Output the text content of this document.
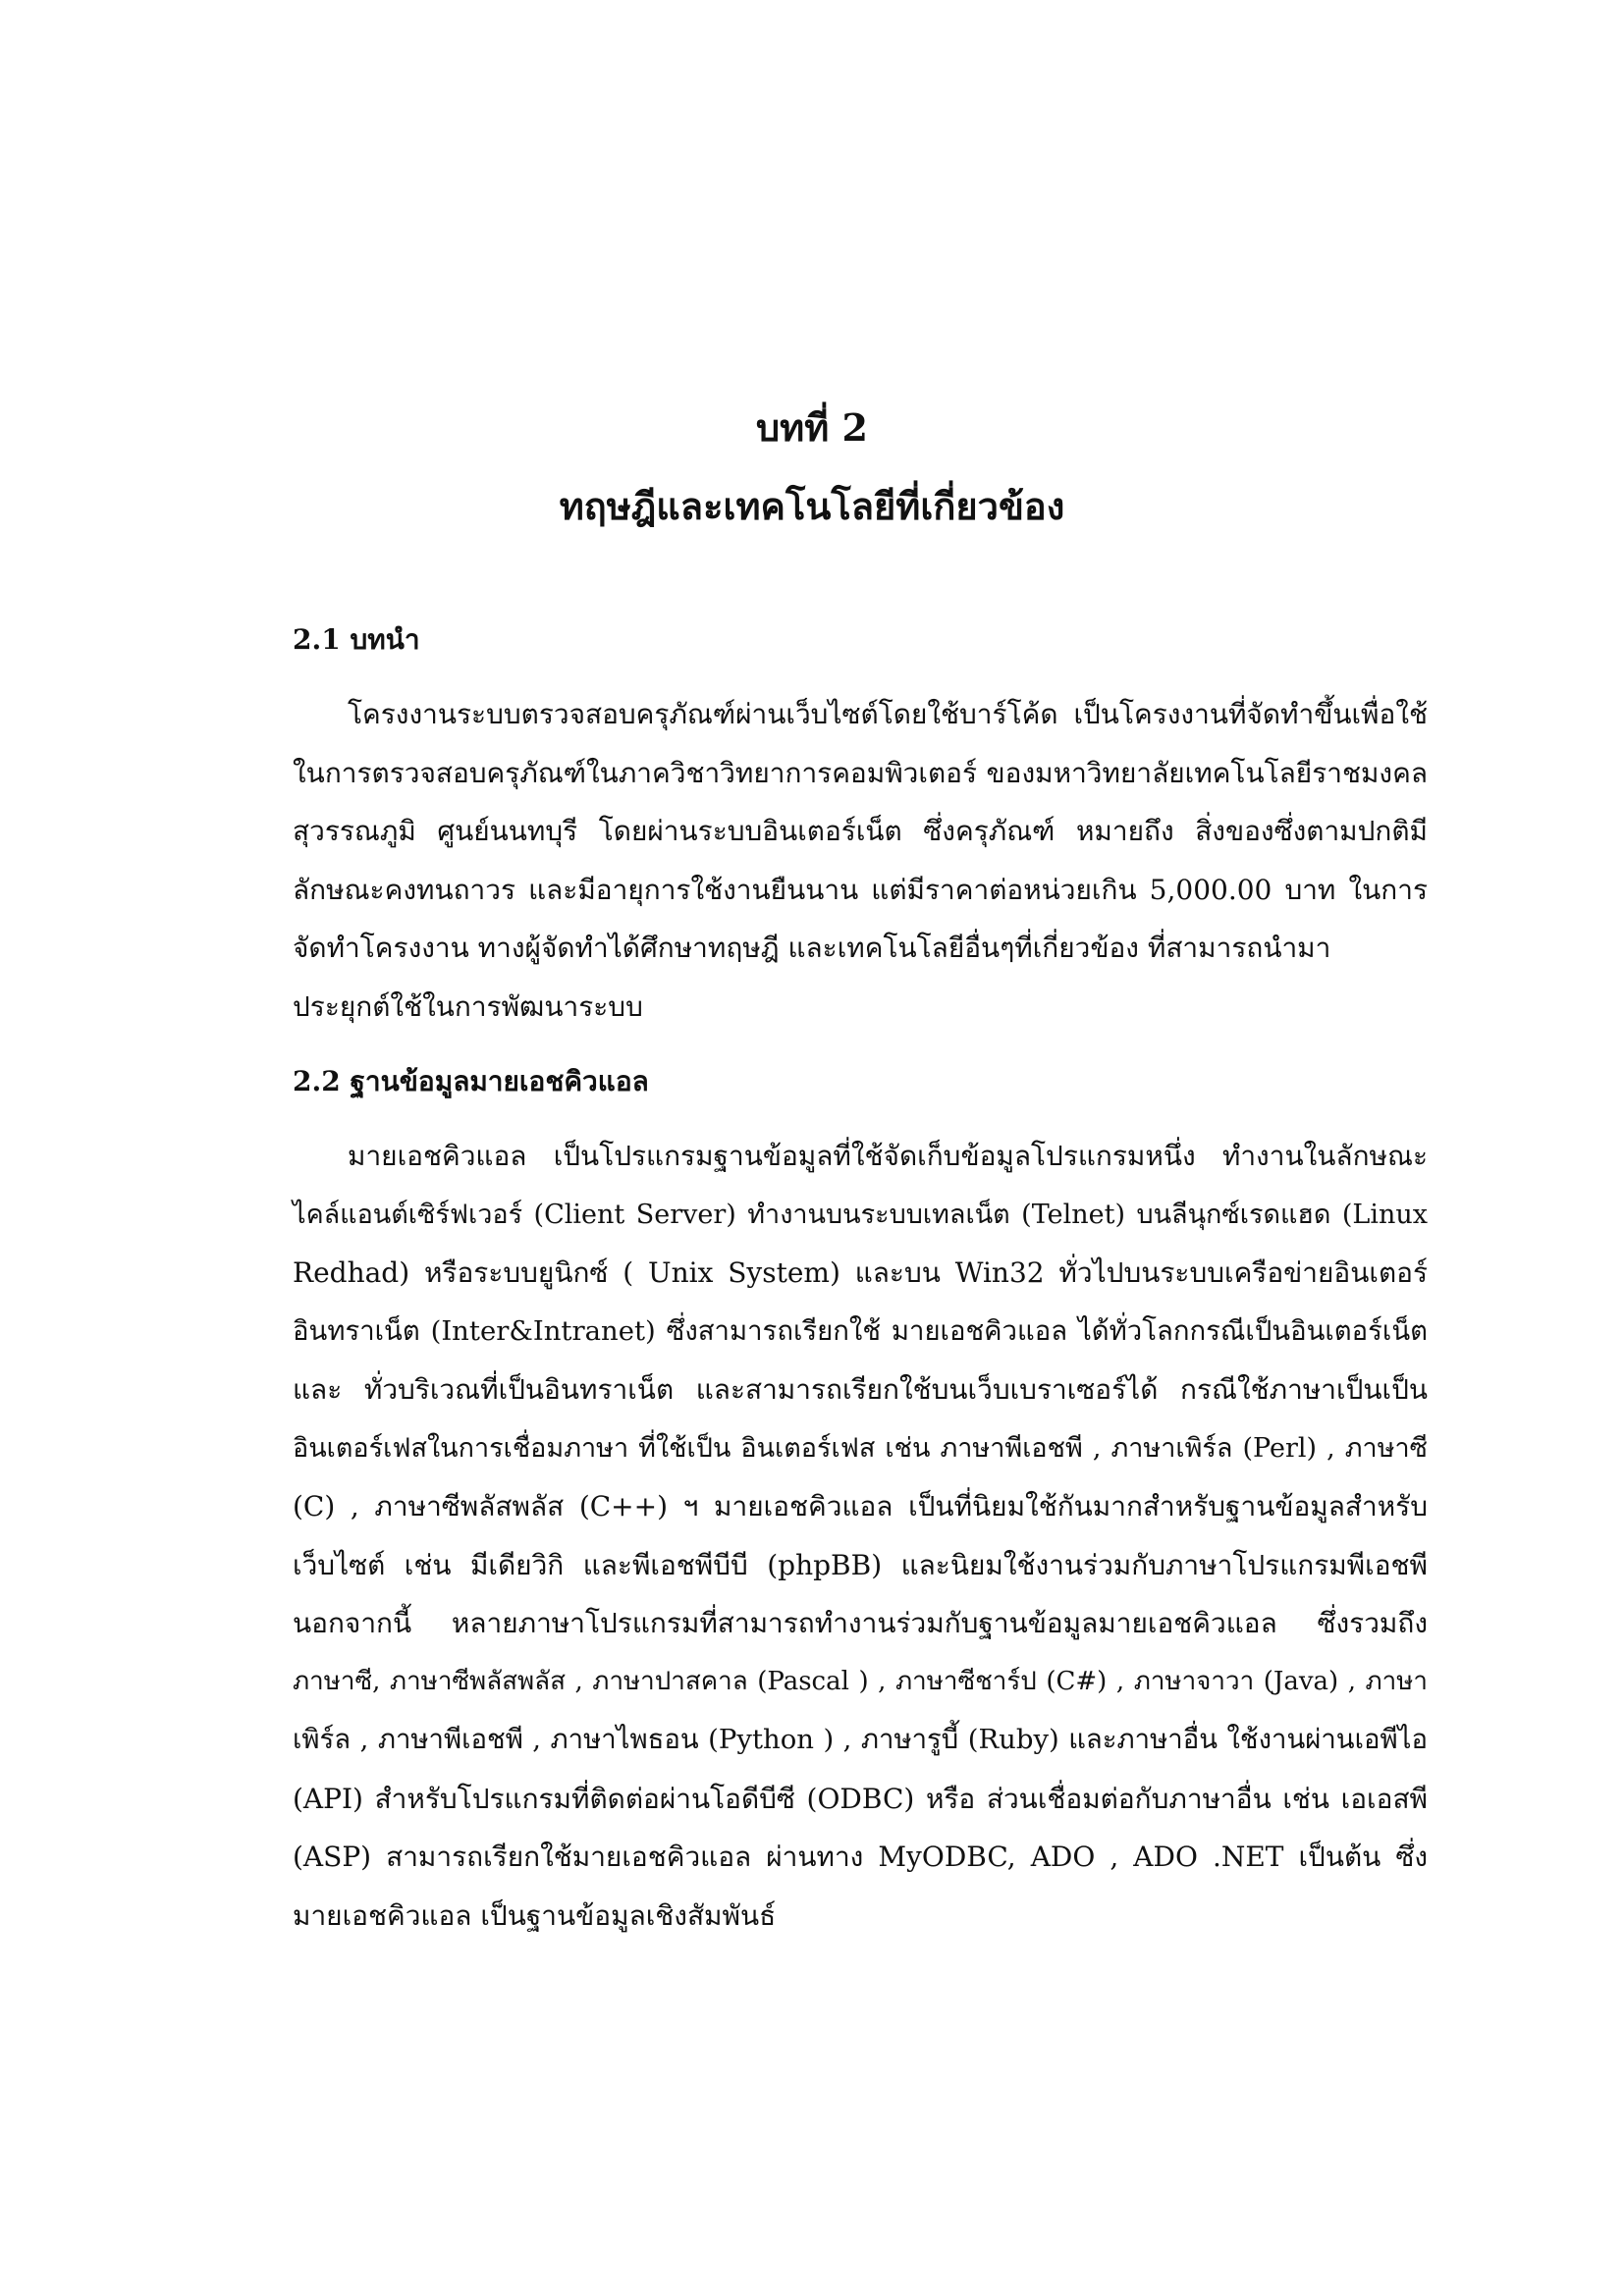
บทที่ 2
ทฤษฎีและเทคโนโลยีที่เกี่ยวข้อง
2.1 บทนำ
โครงงานระบบตรวจสอบครุภัณฑ์ผ่านเว็บไซต์โดยใช้บาร์โค้ด เป็นโครงงานที่จัดทำขึ้นเพื่อใช้
ในการตรวจสอบครุภัณฑ์ในภาควิชาวิทยาการคอมพิวเตอร์ ของมหาวิทยาลัยเทคโนโลยีราชมงคล
สุวรรณภูมิ ศูนย์นนทบุรี โดยผ่านระบบอินเตอร์เน็ต ซึ่งครุภัณฑ์ หมายถึง สิ่งของซึ่งตามปกติมี
ลักษณะคงทนถาวร และมีอายุการใช้งานยืนนาน แต่มีราคาต่อหน่วยเกิน 5,000.00 บาท ในการ
จัดทำโครงงาน ทางผู้จัดทำได้ศึกษาทฤษฎี และเทคโนโลยีอื่นๆที่เกี่ยวข้อง ที่สามารถนำมา
ประยุกต์ใช้ในการพัฒนาระบบ
2.2 ฐานข้อมูลมายเอชคิวแอล
มายเอชคิวแอล เป็นโปรแกรมฐานข้อมูลที่ใช้จัดเก็บข้อมูลโปรแกรมหนึ่ง ทำงานในลักษณะ
ไคล์แอนต์เซิร์ฟเวอร์ (Client Server) ทำงานบนระบบเทลเน็ต (Telnet) บนลีนุกซ์เรดแฮด (Linux
Redhad) หรือระบบยูนิกซ์ ( Unix System) และบน Win32 ทั่วไปบนระบบเครือข่ายอินเตอร์
อินทราเน็ต (Inter&Intranet) ซึ่งสามารถเรียกใช้ มายเอชคิวแอล ได้ทั่วโลกกรณีเป็นอินเตอร์เน็ต
และ ทั่วบริเวณที่เป็นอินทราเน็ต และสามารถเรียกใช้บนเว็บเบราเซอร์ได้ กรณีใช้ภาษาเป็นเป็น
อินเตอร์เฟสในการเชื่อมภาษา ที่ใช้เป็น อินเตอร์เฟส เช่น ภาษาพีเอชพี , ภาษาเพิร์ล (Perl) , ภาษาซี
(C) , ภาษาซีพลัสพลัส (C++) ฯ มายเอชคิวแอล เป็นที่นิยมใช้กันมากสำหรับฐานข้อมูลสำหรับ
เว็บไซต์ เช่น มีเดียวิกิ และพีเอชพีบีบี (phpBB) และนิยมใช้งานร่วมกับภาษาโปรแกรมพีเอชพี
นอกจากนี้ หลายภาษาโปรแกรมที่สามารถทำงานร่วมกับฐานข้อมูลมายเอชคิวแอล ซึ่งรวมถึง
ภาษาซี, ภาษาซีพลัสพลัส , ภาษาปาสคาล (Pascal ) , ภาษาซีชาร์ป (C#) , ภาษาจาวา (Java) , ภาษา
เพิร์ล , ภาษาพีเอชพี , ภาษาไพธอน (Python ) , ภาษารูบี้ (Ruby) และภาษาอื่น ใช้งานผ่านเอพีไอ
(API) สำหรับโปรแกรมที่ติดต่อผ่านโอดีบีซี (ODBC) หรือ ส่วนเชื่อมต่อกับภาษาอื่น เช่น เอเอสพี
(ASP) สามารถเรียกใช้มายเอชคิวแอล ผ่านทาง MyODBC, ADO , ADO .NET เป็นต้น ซึ่ง
มายเอชคิวแอล เป็นฐานข้อมูลเชิงสัมพันธ์
